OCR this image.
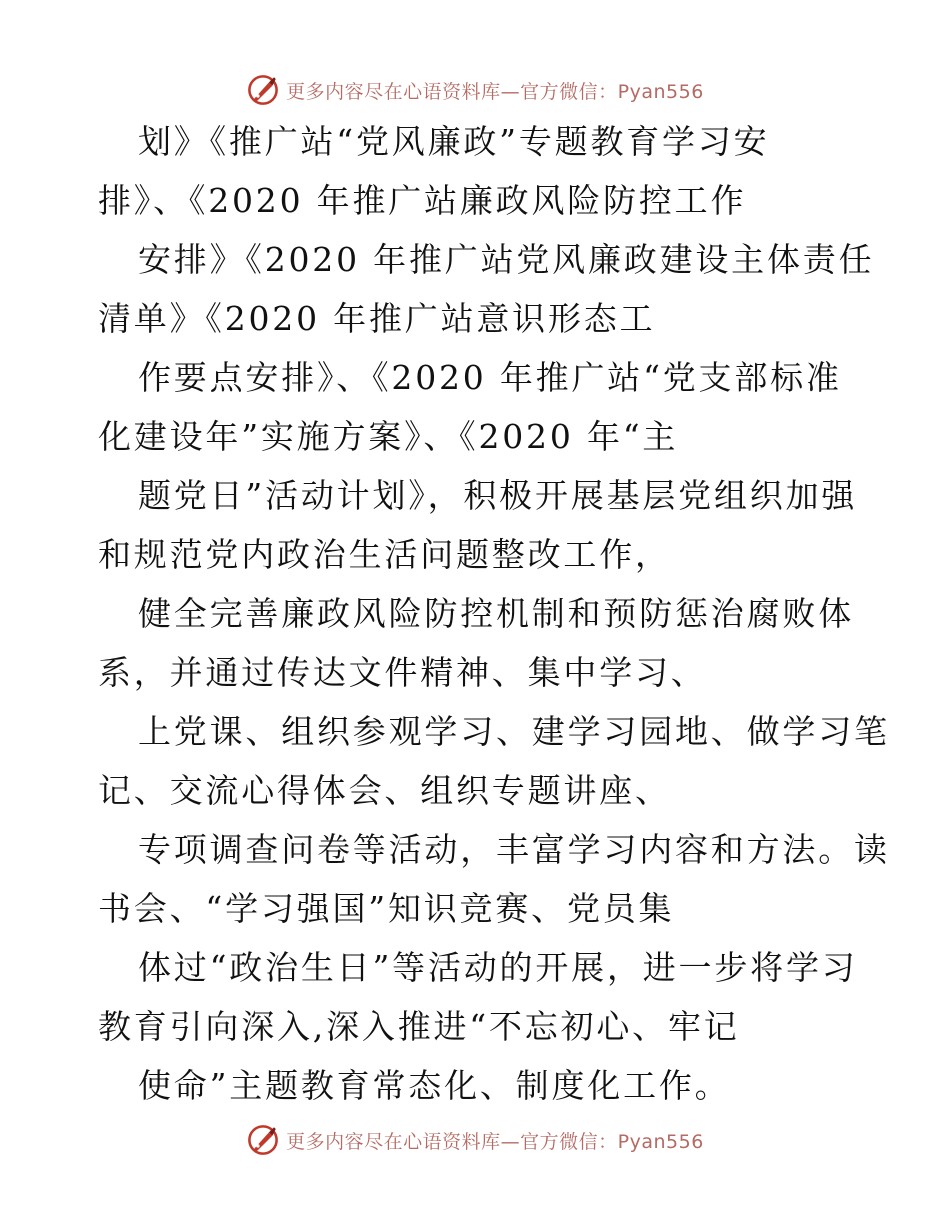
更多内容尽在心语资料库—官方微信：Pyan556
划》《推广站“党风廉政”专题教育学习安
排》、《2020 年推广站廉政风险防控工作
安排》《2020 年推广站党风廉政建设主体责任
清单》《2020 年推广站意识形态工
作要点安排》、《2020 年推广站“党支部标准
化建设年”实施方案》、《2020 年“主
题党日”活动计划》，积极开展基层党组织加强
和规范党内政治生活问题整改工作，
健全完善廉政风险防控机制和预防惩治腐败体
系，并通过传达文件精神、集中学习、
上党课、组织参观学习、建学习园地、做学习笔
记、交流心得体会、组织专题讲座、
专项调查问卷等活动，丰富学习内容和方法。读
书会、“学习强国”知识竞赛、党员集
体过“政治生日”等活动的开展，进一步将学习
教育引向深入,深入推进“不忘初心、牢记
使命”主题教育常态化、制度化工作。
更多内容尽在心语资料库—官方微信：Pyan556
